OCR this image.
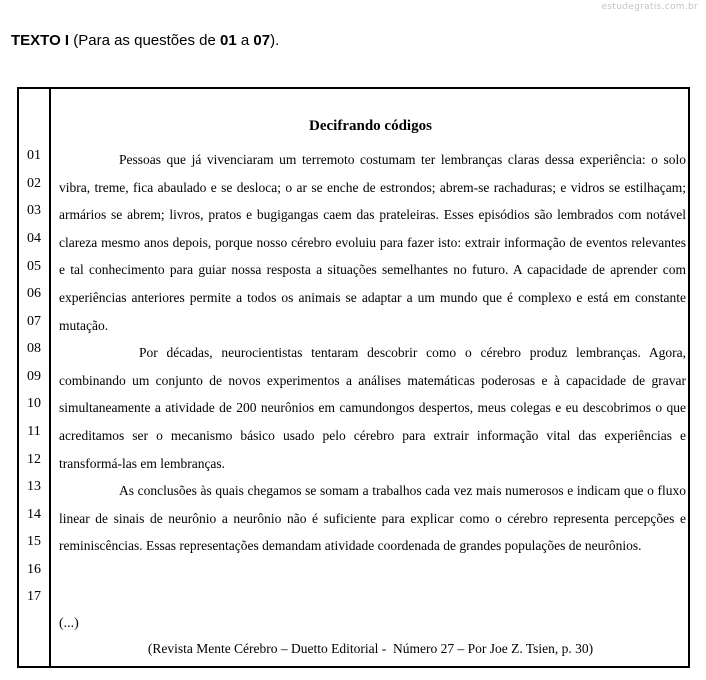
estudegratis.com.br
TEXTO I (Para as questões de 01 a 07).
01
02
03
04
05
06
07
08
09
10
11
12
13
14
15
16
17
Decifrando códigos

Pessoas que já vivenciaram um terremoto costumam ter lembranças claras dessa experiência: o solo vibra, treme, fica abaulado e se desloca; o ar se enche de estrondos; abrem-se rachaduras; e vidros se estilhaçam; armários se abrem; livros, pratos e bugigangas caem das prateleiras. Esses episódios são lembrados com notável clareza mesmo anos depois, porque nosso cérebro evoluiu para fazer isto: extrair informação de eventos relevantes e tal conhecimento para guiar nossa resposta a situações semelhantes no futuro. A capacidade de aprender com experiências anteriores permite a todos os animais se adaptar a um mundo que é complexo e está em constante mutação.

Por décadas, neurocientistas tentaram descobrir como o cérebro produz lembranças. Agora, combinando um conjunto de novos experimentos a análises matemáticas poderosas e à capacidade de gravar simultaneamente a atividade de 200 neurônios em camundongos despertos, meus colegas e eu descobrimos o que acreditamos ser o mecanismo básico usado pelo cérebro para extrair informação vital das experiências e transformá-las em lembranças.

As conclusões às quais chegamos se somam a trabalhos cada vez mais numerosos e indicam que o fluxo linear de sinais de neurônio a neurônio não é suficiente para explicar como o cérebro representa percepções e reminiscências. Essas representações demandam atividade coordenada de grandes populações de neurônios.

(...)
(Revista Mente Cérebro – Duetto Editorial -  Número 27 – Por Joe Z. Tsien, p. 30)
